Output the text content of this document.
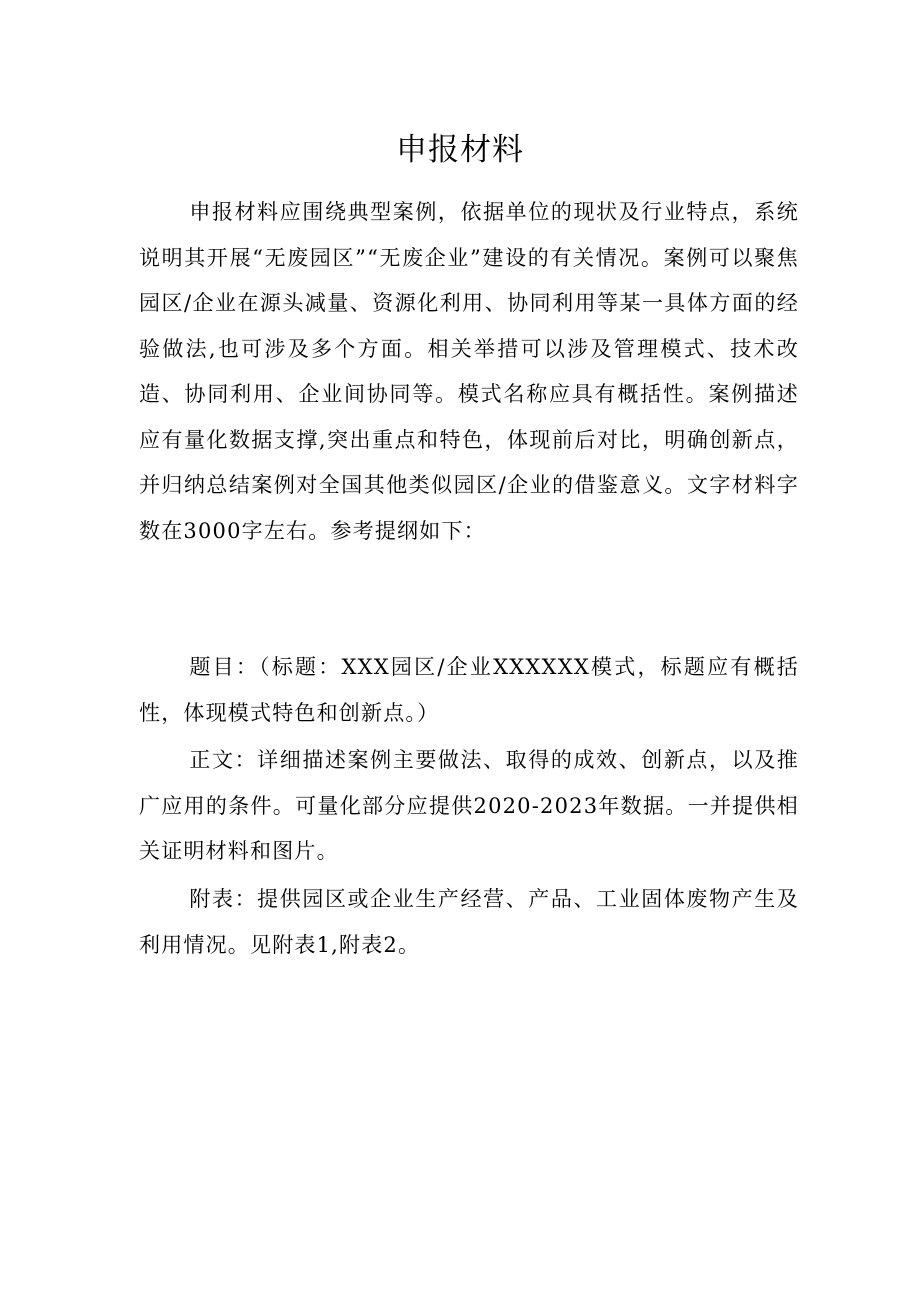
申报材料

申报材料应围绕典型案例，依据单位的现状及行业特点，系统说明其开展“无废园区”“无废企业”建设的有关情况。案例可以聚焦园区/企业在源头减量、资源化利用、协同利用等某一具体方面的经验做法,也可涉及多个方面。相关举措可以涉及管理模式、技术改造、协同利用、企业间协同等。模式名称应具有概括性。案例描述应有量化数据支撑,突出重点和特色，体现前后对比，明确创新点，并归纳总结案例对全国其他类似园区/企业的借鉴意义。文字材料字数在3000字左右。参考提纲如下：

题目：（标题：XXX园区/企业XXXXXX模式，标题应有概括性，体现模式特色和创新点。）

正文：详细描述案例主要做法、取得的成效、创新点，以及推广应用的条件。可量化部分应提供2020-2023年数据。一并提供相关证明材料和图片。

附表：提供园区或企业生产经营、产品、工业固体废物产生及利用情况。见附表1,附表2。
